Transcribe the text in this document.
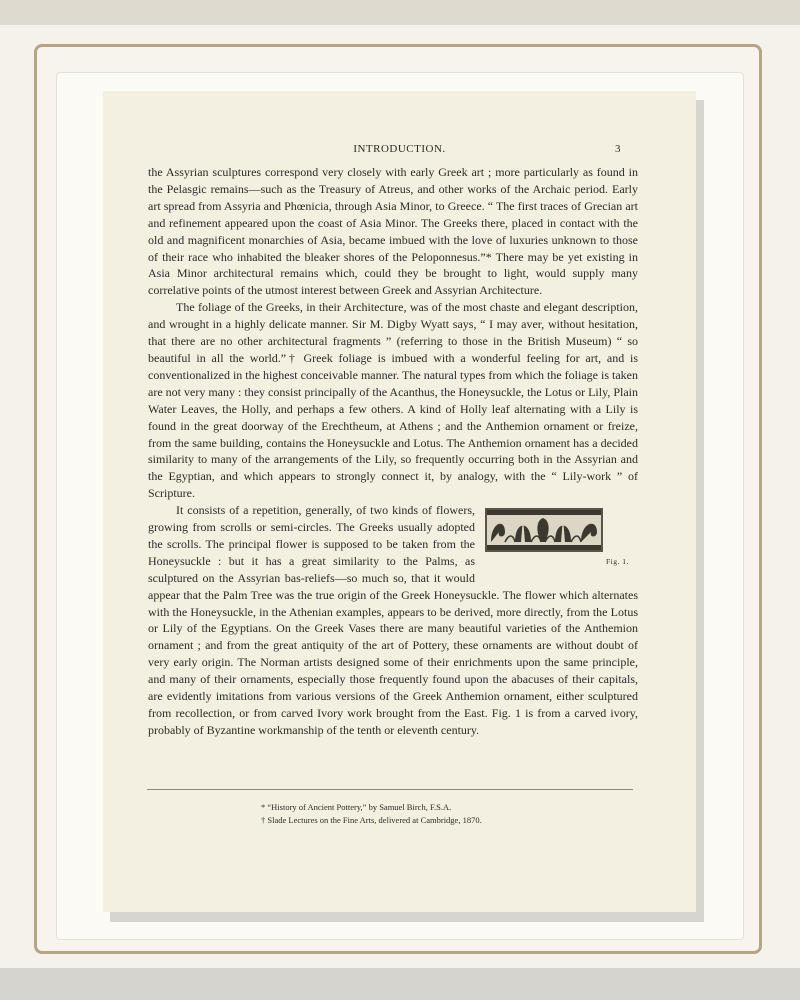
INTRODUCTION.	3

the Assyrian sculptures correspond very closely with early Greek art ; more particularly as found in the Pelasgic remains—such as the Treasury of Atreus, and other works of the Archaic period. Early art spread from Assyria and Phœnicia, through Asia Minor, to Greece. “ The first traces of Grecian art and refinement appeared upon the coast of Asia Minor. The Greeks there, placed in contact with the old and magnificent monarchies of Asia, became imbued with the love of luxuries unknown to those of their race who inhabited the bleaker shores of the Peloponnesus.”* There may be yet existing in Asia Minor architectural remains which, could they be brought to light, would supply many correlative points of the utmost interest between Greek and Assyrian Architecture.

The foliage of the Greeks, in their Architecture, was of the most chaste and elegant description, and wrought in a highly delicate manner. Sir M. Digby Wyatt says, “ I may aver, without hesitation, that there are no other architectural fragments ” (referring to those in the British Museum) “ so beautiful in all the world.”† Greek foliage is imbued with a wonderful feeling for art, and is conventionalized in the highest conceivable manner. The natural types from which the foliage is taken are not very many : they consist principally of the Acanthus, the Honeysuckle, the Lotus or Lily, Plain Water Leaves, the Holly, and perhaps a few others. A kind of Holly leaf alternating with a Lily is found in the great doorway of the Erechtheum, at Athens ; and the Anthemion ornament or freize, from the same building, contains the Honeysuckle and Lotus. The Anthemion ornament has a decided similarity to many of the arrangements of the Lily, so frequently occurring both in the Assyrian and the Egyptian, and which appears to strongly connect it, by analogy, with the “ Lily-work ” of Scripture.

Fig. 1.

It consists of a repetition, generally, of two kinds of flowers, growing from scrolls or semi-circles. The Greeks usually adopted the scrolls. The principal flower is supposed to be taken from the Honeysuckle : but it has a great similarity to the Palms, as sculptured on the Assyrian bas-reliefs—so much so, that it would appear that the Palm Tree was the true origin of the Greek Honeysuckle. The flower which alternates with the Honeysuckle, in the Athenian examples, appears to be derived, more directly, from the Lotus or Lily of the Egyptians. On the Greek Vases there are many beautiful varieties of the Anthemion ornament ; and from the great antiquity of the art of Pottery, these ornaments are without doubt of very early origin. The Norman artists designed some of their enrichments upon the same principle, and many of their ornaments, especially those frequently found upon the abacuses of their capitals, are evidently imitations from various versions of the Greek Anthemion ornament, either sculptured from recollection, or from carved Ivory work brought from the East. Fig. 1 is from a carved ivory, probably of Byzantine workmanship of the tenth or eleventh century.

* “History of Ancient Pottery,” by Samuel Birch, F.S.A.
† Slade Lectures on the Fine Arts, delivered at Cambridge, 1870.
